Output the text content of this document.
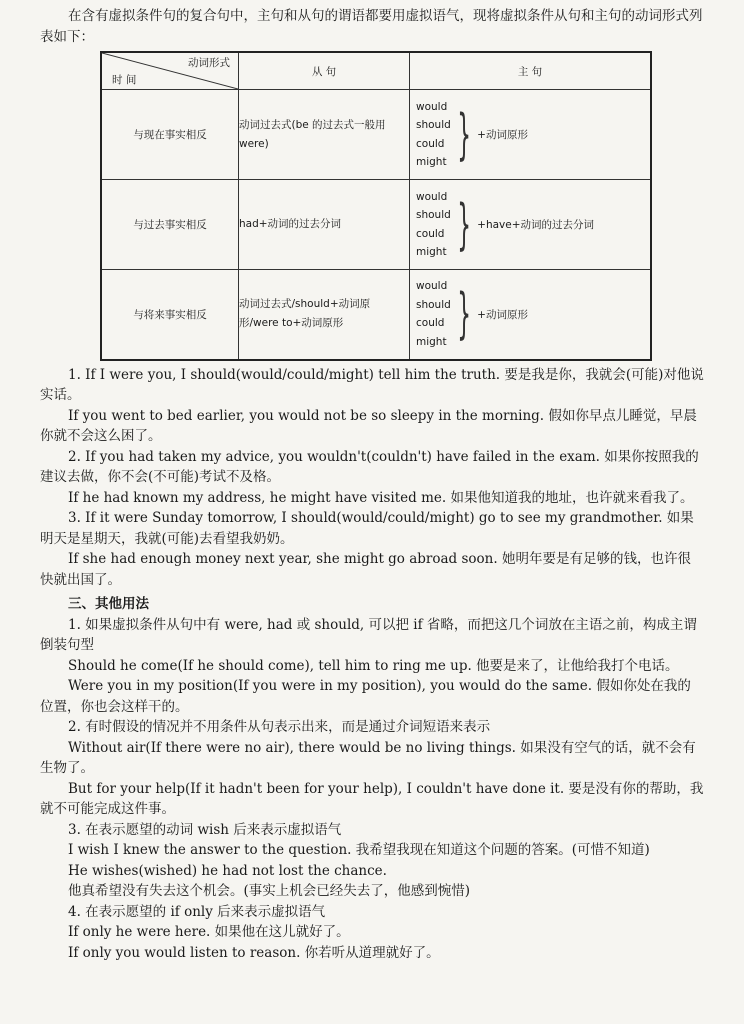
在含有虚拟条件句的复合句中，主句和从句的谓语都要用虚拟语气，现将虚拟条件从句和主句的动词形式列表如下：

动词形式
时 间	从 句	主 句
与现在事实相反	动词过去式(be 的过去式一般用 were)	would
should
could
might } +动词原形
与过去事实相反	had+动词的过去分词	would
should
could
might } +have+动词的过去分词
与将来事实相反	动词过去式/should+动词原形/were to+动词原形	would
should
could
might } +动词原形

1. If I were you, I should(would/could/might) tell him the truth. 要是我是你，我就会(可能)对他说实话。

If you went to bed earlier, you would not be so sleepy in the morning. 假如你早点儿睡觉，早晨你就不会这么困了。

2. If you had taken my advice, you wouldn't(couldn't) have failed in the exam. 如果你按照我的建议去做，你不会(不可能)考试不及格。

If he had known my address, he might have visited me. 如果他知道我的地址，也许就来看我了。

3. If it were Sunday tomorrow, I should(would/could/might) go to see my grandmother. 如果明天是星期天，我就(可能)去看望我奶奶。

If she had enough money next year, she might go abroad soon. 她明年要是有足够的钱，也许很快就出国了。

三、其他用法

1. 如果虚拟条件从句中有 were, had 或 should, 可以把 if 省略，而把这几个词放在主语之前，构成主谓倒装句型

Should he come(If he should come), tell him to ring me up. 他要是来了，让他给我打个电话。

Were you in my position(If you were in my position), you would do the same. 假如你处在我的位置，你也会这样干的。

2. 有时假设的情况并不用条件从句表示出来，而是通过介词短语来表示

Without air(If there were no air), there would be no living things. 如果没有空气的话，就不会有生物了。

But for your help(If it hadn't been for your help), I couldn't have done it. 要是没有你的帮助，我就不可能完成这件事。

3. 在表示愿望的动词 wish 后来表示虚拟语气

I wish I knew the answer to the question. 我希望我现在知道这个问题的答案。(可惜不知道)

He wishes(wished) he had not lost the chance.

他真希望没有失去这个机会。(事实上机会已经失去了，他感到惋惜)

4. 在表示愿望的 if only 后来表示虚拟语气

If only he were here. 如果他在这儿就好了。

If only you would listen to reason. 你若听从道理就好了。
